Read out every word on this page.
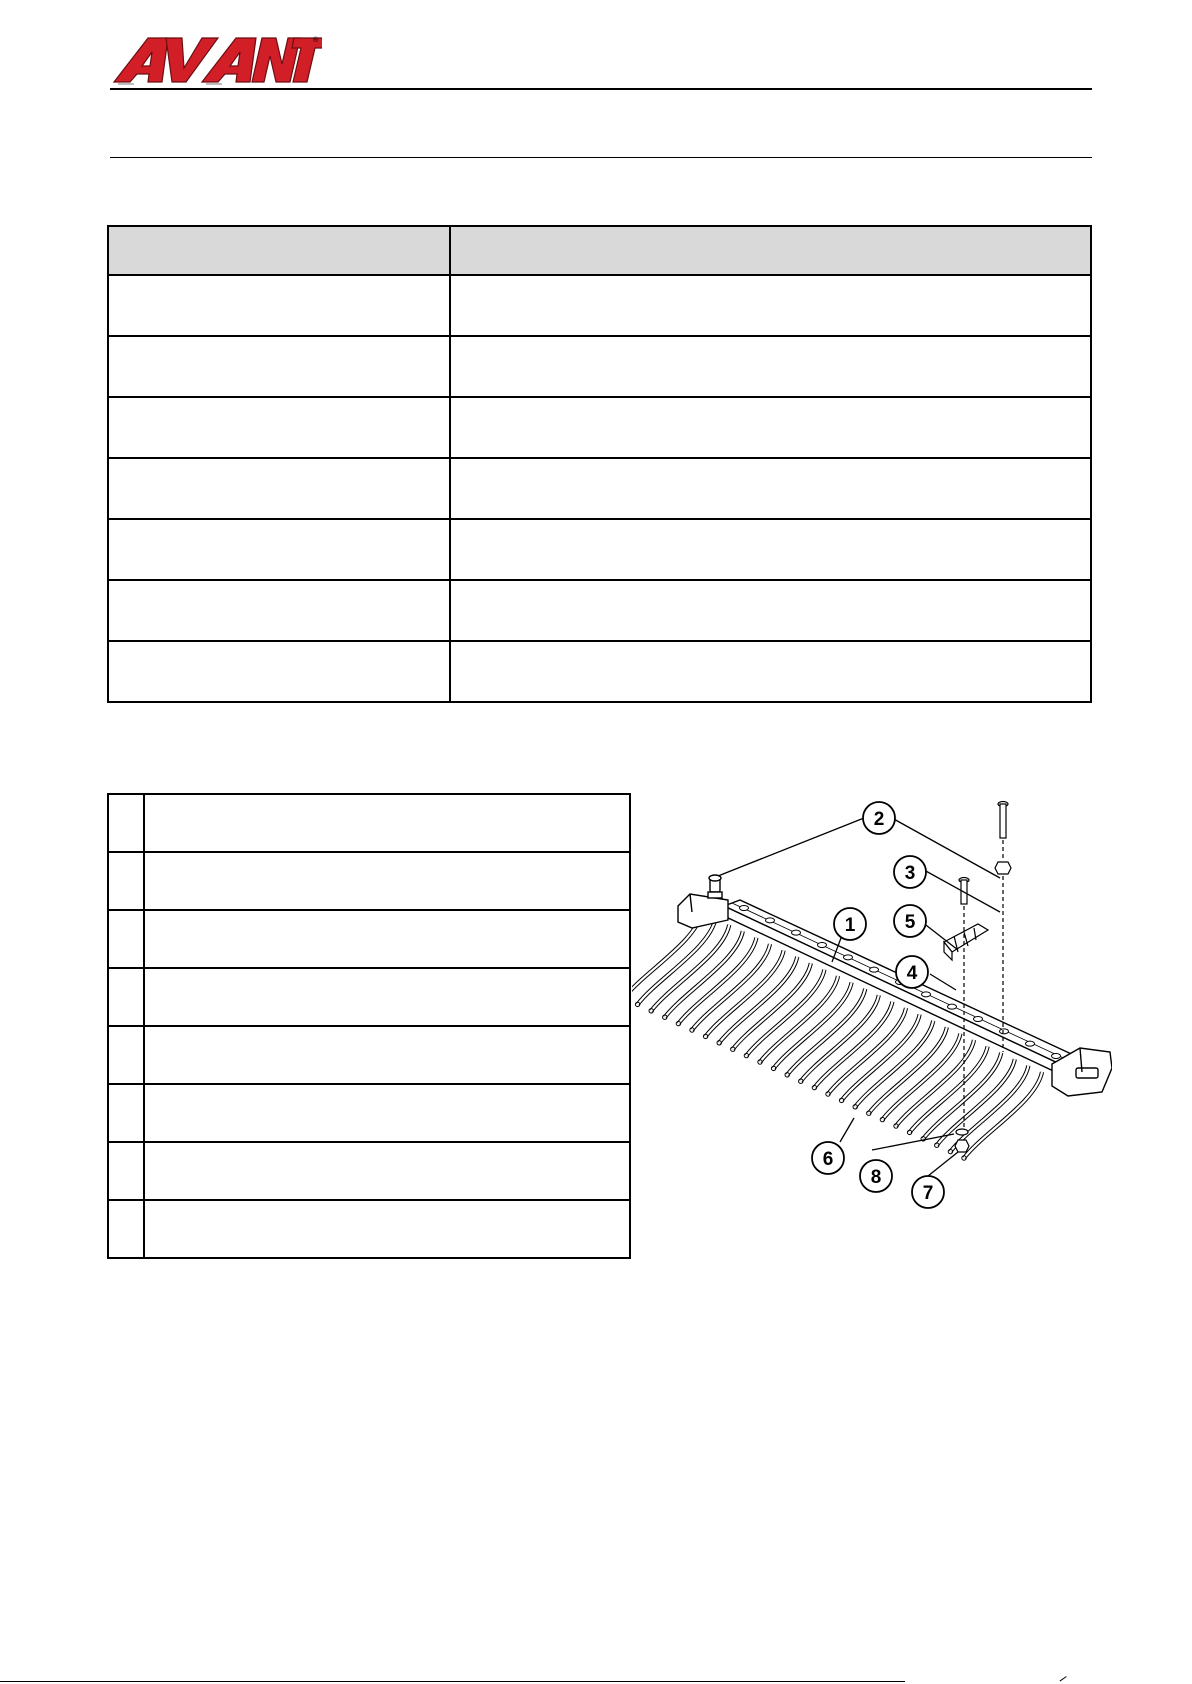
®

2
3
1	5
4
6
8
7
